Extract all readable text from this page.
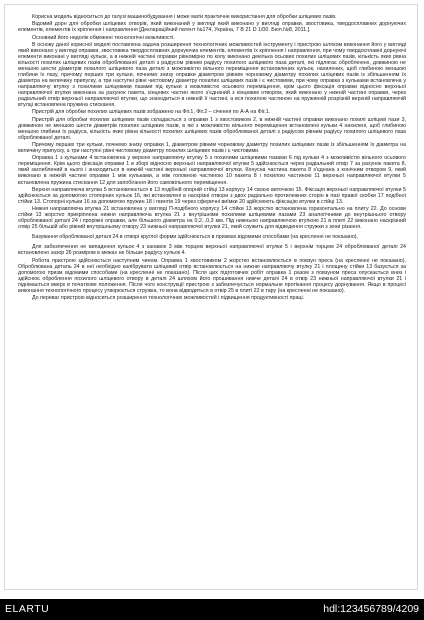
Корисна модель відноситься до галузі машинобудування і може мати практичне використання для обробки шліцевих пазів.

Відомий дорн для обробки шліцевих отворів, який виконаний у вигляді який виконано у вигляді оправки, звостовика, твердосплавних дорнуючих елементів, елементів їх кріплення і направлення [Деклараційний патент №174, Україна, 7 B 21 D 1/00. Бюл.№8, 2011.].

Основний його недолік обмежені технологічні можливості.

В основу даної корисної моделі поставлена задача розширення технологічних можливостей інструменту і пристрою шляхом виконання його у вигляді який виконано у вигляді оправки, звостовика твердосплавних дорнуючих елементів, елементів їх кріплення і направлення, при чому твердосплавні дорнуючі елементи виконані у вигляді кульок, а в нижній частині оправки рівномірно по колу виконано декілька осьових похилих шліцевих пазів, кількість яких рівна кількості похилих шліцевих пазів оброблюваної деталі з радіусом рівним радіусу похилого шліцевого паза деталі, які підлягає обробленню, довжиною не меншою шести діаметрів похилого шліцевого паза деталі з можливістю вільного переміщення встановлених кульок, нахилених, щоб глибиною меншою глибини їх пазу, причому перших три кульки, почнемо знизу оправки діаметром рівним чорновому діаметру похилих шліцевих пазів із збільшенням їх діаметра на величину припуску, а три наступні рівні чистовому діаметру похилих шліцевих пазів і є чистовими, при чому оправка з кульками встановлена у направляючу втулку з похилими шліцевими пазами під кульки з можливістю осьового переміщення, крім цього фіксація оправки відносно верхньої направляючої втулки виконана за рахунок пакета, кінцевих частин якого з’єднаний з кінцевим отвором, який виконано у нижній частині оправки, через радіальний отвір верхньої направляючої втулки, що знаходиться в нижній її частині, а вся похилою частиною на пружинній розрізній верхній направляючій втулці встановлена пружина стискання.

Пристрій для обробки похилих шліцевих пазів зображено на Фіг.1, Фіг.2 – січення по А-А на Фіг.1.

Пристрій для обробки похилих шліцевих пазів складається з оправки 1 з хвостовиком 2, в нижній частині оправки виконано похилі шліцеві пази 3, довжиною не меншою шести діаметрів похилих шліцевих пазів, в які з можливістю вільного переміщення встановлені кульки 4 нахилені, щоб глибиною меншою глибини їх радіуса, кількість яких рівна кількості похилих шліцевих пазів оброблюваної деталі з радіусом рівним радіусу похилого шліцевого паза оброблюваної деталі.

Причому перших три кульки, почнемо знизу оправки 1, діаметром рівним чорновому діаметру похилих шліцевих пазів із збільшенням їх діаметра на величину припуску, а три наступні рівні чистовому діаметру похилих шліцевих пазів і є чистовими.

Оправка 1 з кульками 4 встановлена у верхню направляючу втулку 5 з похилими шліцевими пазами 6 під кульки 4 з можливістю вільного осьового переміщення. Крім цього фіксація оправки 1 в зборі відносно верхньої направляючої втулки 5 здійснюється через радіальний отвір 7 за рахунок пакета 8, який заглиблений в нього і знаходиться в нижній частині верхньої направляючої втулки. Конусна частина пакета 8 з’єднана з конічним отвором 9, який виконано в нижній частині оправки 1 між кульками, а між головною частиною 10 пакета 8 і похилою частиною 11 верхньої направляючої втулки 5 встановлена пружина стискання 12 для запобігання його самовільного переміщення.

Верхня направляюча втулка 5 встановлюється в 13 подібній опорній стійці 13 корпусу 14 своєю виточкою 15. Фіксація верхньої направляючої втулки 5 здійснюється за допомогою стопорних кульок 16, які встановлені в наскрізні отвори з двох радіально протилежних сторін в пазі правої скобки 17 подібної стійки 13. Стопорні кульки 16 за допомогою пружин 18 і гвинтів 19 через сферичні виїмки 20 здійснюють фіксацію втулки в стійці 13.

Нижня направляюча втулка 21 встановлена у вигляді П-подібного корпусу 14 стійки 13 жорстко встановлена горизонтально на плиту 22. До основи стійки 13 жорстко прикріплена нижня направляюча втулка 21 з внутрішніми похилими шліцевими пазами 23 аналогічними до внутрішнього отвору оброблюваної деталі 24 і проріжні оправки, але більшого діаметра на 0,2...0,3 мм. Під нижньою направляючою втулкою 21 в плиті 22 виконано наскрізний отвір 25 більшій або рівний внутрішньому отвору 23 нижньої направляючої втулки 21, який служить для відведення стружки з зони різання.

Базування оброблюваної деталі 24 в отворі круглої форми здійснюється в призмах відомими способами (на кресленні не показано).

Для забезпечення не випадення кульок 4 з канавок 3 між торцем верхньої направляючої втулки 5 і верхнім торцем 24 оброблюваної деталі 24 встановлено зазор 26 розміром в межах не більше радіусу кульок 4.

Робота пристрою здійснюється наступним чином. Оправка 1 хвостовиком 2 жорстко встановлюється в повзун преса (на кресленні не показано). Оброблювана деталь 24 в неї необхідно калібрувати шліцевий отвір встановлюється на нижню направляючу втулку 21 і площину стійки 13 базується за допомогою призм відомими способами (на кресленні не показано). Після цих підготовчих робіт оправка 1 разом з повзуном преса опускається вниз і здійснює оброблення похилого шліцевого отвору в деталі 24 шляхом його прошивання нижче деталі 24 в отвір 23 нижньої направляючої втулки 21 і піднімається вверх в початкове положення. Після чого конструкції пристрою з забезпечується нормальне протікання процесу дорнування. Якщо в процесі виконання технологічного процесу утворюється стружка, то вона відводиться в отвір 25 в плиті 22 в тару (на кресленні не показано).

До переваг пристрою відноситься розширення технологічних можливостей і підвищення продуктивності праці.

ELARTU	hdl:123456789/4209
